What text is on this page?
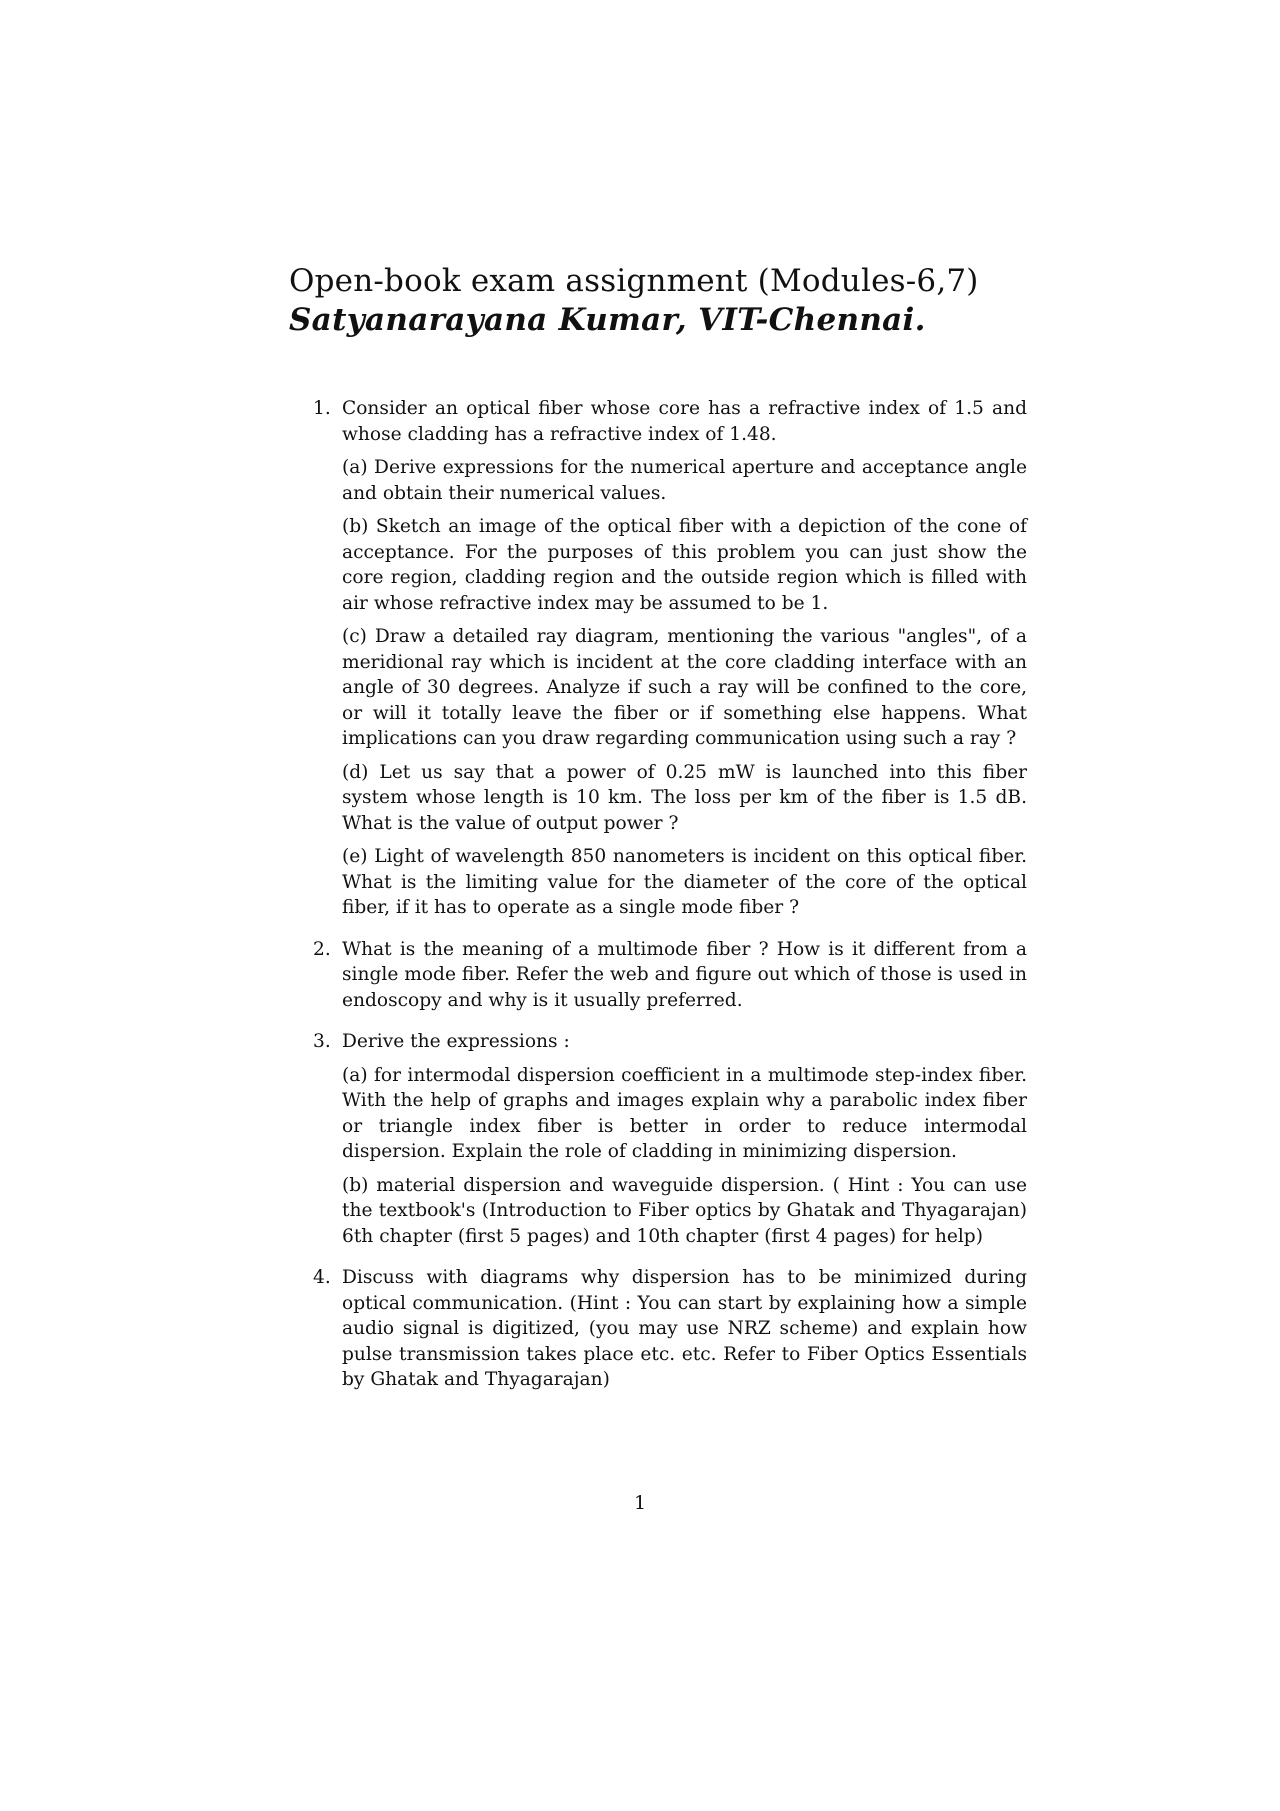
Open-book exam assignment (Modules-6,7)
Satyanarayana Kumar, VIT-Chennai.
1. Consider an optical fiber whose core has a refractive index of 1.5 and whose cladding has a refractive index of 1.48.

(a) Derive expressions for the numerical aperture and acceptance angle and obtain their numerical values.

(b) Sketch an image of the optical fiber with a depiction of the cone of acceptance. For the purposes of this problem you can just show the core region, cladding region and the outside region which is filled with air whose refractive index may be assumed to be 1.

(c) Draw a detailed ray diagram, mentioning the various "angles", of a meridional ray which is incident at the core cladding interface with an angle of 30 degrees. Analyze if such a ray will be confined to the core, or will it totally leave the fiber or if something else happens. What implications can you draw regarding communication using such a ray ?

(d) Let us say that a power of 0.25 mW is launched into this fiber system whose length is 10 km. The loss per km of the fiber is 1.5 dB. What is the value of output power ?

(e) Light of wavelength 850 nanometers is incident on this optical fiber. What is the limiting value for the diameter of the core of the optical fiber, if it has to operate as a single mode fiber ?

2. What is the meaning of a multimode fiber ? How is it different from a single mode fiber. Refer the web and figure out which of those is used in endoscopy and why is it usually preferred.

3. Derive the expressions :

(a) for intermodal dispersion coefficient in a multimode step-index fiber. With the help of graphs and images explain why a parabolic index fiber or triangle index fiber is better in order to reduce intermodal dispersion. Explain the role of cladding in minimizing dispersion.

(b) material dispersion and waveguide dispersion. ( Hint : You can use the textbook's (Introduction to Fiber optics by Ghatak and Thyagarajan) 6th chapter (first 5 pages) and 10th chapter (first 4 pages) for help)

4. Discuss with diagrams why dispersion has to be minimized during optical communication. (Hint : You can start by explaining how a simple audio signal is digitized, (you may use NRZ scheme) and explain how pulse transmission takes place etc. etc. Refer to Fiber Optics Essentials by Ghatak and Thyagarajan)

1
